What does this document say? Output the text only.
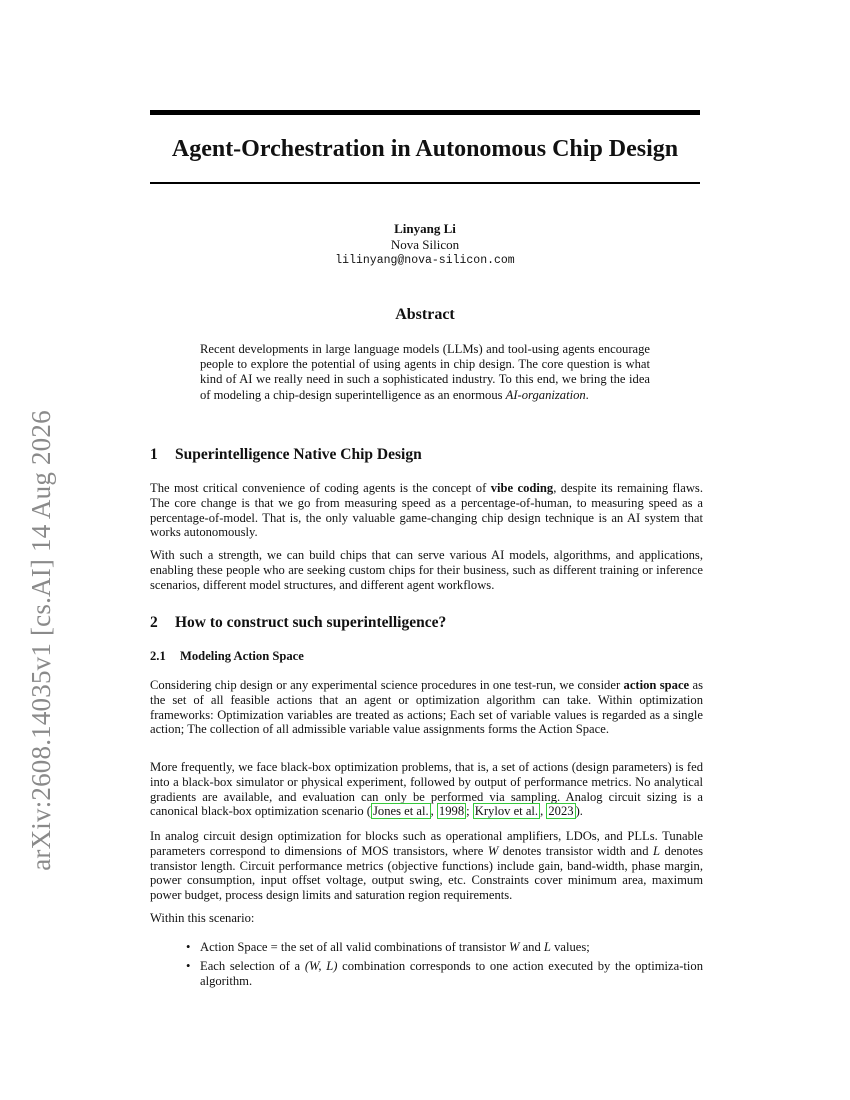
arXiv:2608.14035v1 [cs.AI] 14 Aug 2026
Agent-Orchestration in Autonomous Chip Design
Linyang Li
Nova Silicon
lilinyang@nova-silicon.com
Abstract
Recent developments in large language models (LLMs) and tool-using agents encourage people to explore the potential of using agents in chip design. The core question is what kind of AI we really need in such a sophisticated industry. To this end, we bring the idea of modeling a chip-design superintelligence as an enormous AI-organization.
1 Superintelligence Native Chip Design
The most critical convenience of coding agents is the concept of vibe coding, despite its remaining flaws. The core change is that we go from measuring speed as a percentage-of-human, to measuring speed as a percentage-of-model. That is, the only valuable game-changing chip design technique is an AI system that works autonomously.
With such a strength, we can build chips that can serve various AI models, algorithms, and applications, enabling these people who are seeking custom chips for their business, such as different training or inference scenarios, different model structures, and different agent workflows.
2 How to construct such superintelligence?
2.1 Modeling Action Space
Considering chip design or any experimental science procedures in one test-run, we consider action space as the set of all feasible actions that an agent or optimization algorithm can take. Within optimization frameworks: Optimization variables are treated as actions; Each set of variable values is regarded as a single action; The collection of all admissible variable value assignments forms the Action Space.
More frequently, we face black-box optimization problems, that is, a set of actions (design parameters) is fed into a black-box simulator or physical experiment, followed by output of performance metrics. No analytical gradients are available, and evaluation can only be performed via sampling. Analog circuit sizing is a canonical black-box optimization scenario ( Jones et al. , 1998 ; Krylov et al. , 2023 ).
In analog circuit design optimization for blocks such as operational amplifiers, LDOs, and PLLs. Tunable parameters correspond to dimensions of MOS transistors, where W denotes transistor width and L denotes transistor length. Circuit performance metrics (objective functions) include gain, band-width, phase margin, power consumption, input offset voltage, output swing, etc. Constraints cover minimum area, maximum power budget, process design limits and saturation region requirements.
Within this scenario:
• Action Space = the set of all valid combinations of transistor W and L values;
• Each selection of a (W, L) combination corresponds to one action executed by the optimiza-tion algorithm.
